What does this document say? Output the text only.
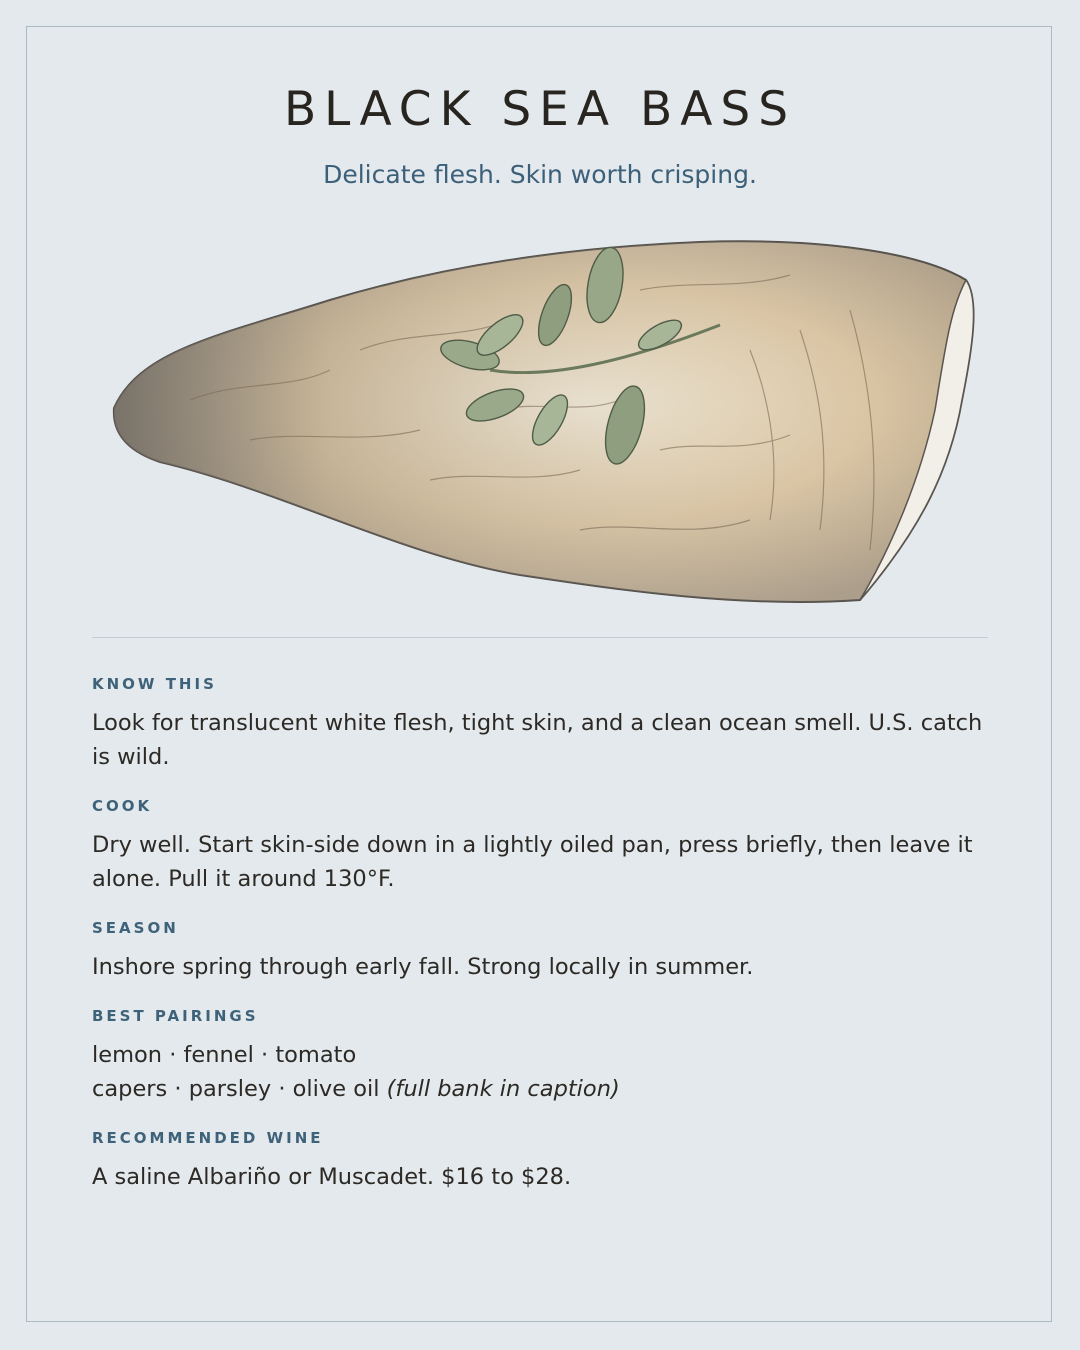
BLACK SEA BASS

Delicate flesh. Skin worth crisping.

KNOW THIS

Look for translucent white flesh, tight skin, and a clean ocean smell. U.S. catch is wild.

COOK

Dry well. Start skin-side down in a lightly oiled pan, press briefly, then leave it alone. Pull it around 130°F.

SEASON

Inshore spring through early fall. Strong locally in summer.

BEST PAIRINGS

lemon · fennel · tomato

capers · parsley · olive oil (full bank in caption)

RECOMMENDED WINE

A saline Albariño or Muscadet. $16 to $28.
